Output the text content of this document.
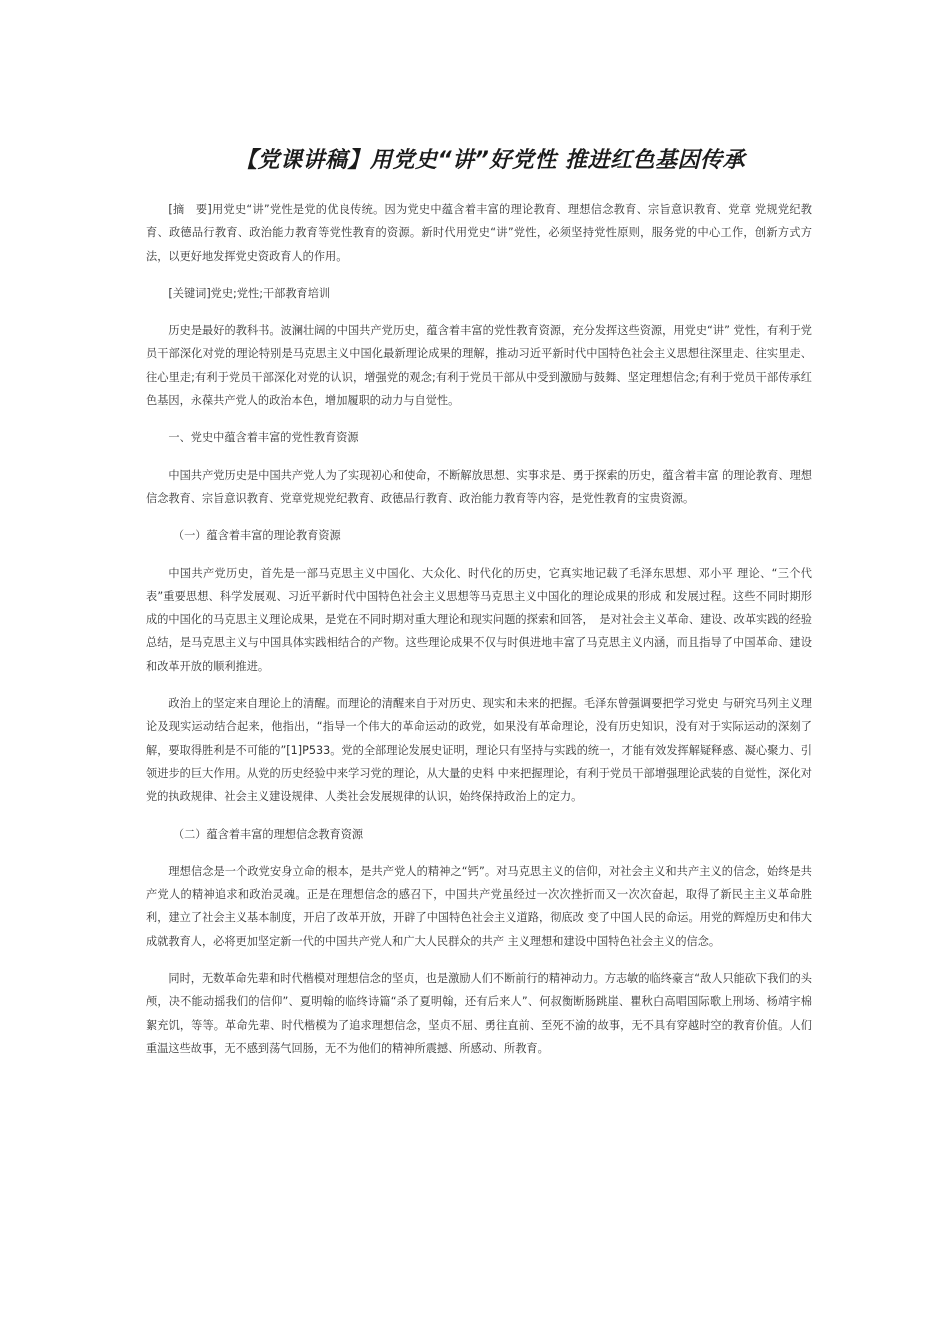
【党课讲稿】用党史“讲”好党性 推进红色基因传承

[摘　要]用党史“讲”党性是党的优良传统。因为党史中蕴含着丰富的理论教育、理想信念教育、宗旨意识教育、党章 党规党纪教育、政德品行教育、政治能力教育等党性教育的资源。新时代用党史“讲”党性，必须坚持党性原则，服务党的中心工作，创新方式方法，以更好地发挥党史资政育人的作用。

[关键词]党史;党性;干部教育培训

历史是最好的教科书。波澜壮阔的中国共产党历史，蕴含着丰富的党性教育资源，充分发挥这些资源，用党史“讲” 党性，有利于党员干部深化对党的理论特别是马克思主义中国化最新理论成果的理解，推动习近平新时代中国特色社会主义思想往深里走、往实里走、往心里走;有利于党员干部深化对党的认识，增强党的观念;有利于党员干部从中受到激励与鼓舞、坚定理想信念;有利于党员干部传承红色基因，永葆共产党人的政治本色，增加履职的动力与自觉性。

一、党史中蕴含着丰富的党性教育资源

中国共产党历史是中国共产党人为了实现初心和使命，不断解放思想、实事求是、勇于探索的历史，蕴含着丰富 的理论教育、理想信念教育、宗旨意识教育、党章党规党纪教育、政德品行教育、政治能力教育等内容，是党性教育的宝贵资源。

（一）蕴含着丰富的理论教育资源

中国共产党历史，首先是一部马克思主义中国化、大众化、时代化的历史，它真实地记载了毛泽东思想、邓小平 理论、“三个代表”重要思想、科学发展观、习近平新时代中国特色社会主义思想等马克思主义中国化的理论成果的形成 和发展过程。这些不同时期形成的中国化的马克思主义理论成果，是党在不同时期对重大理论和现实问题的探索和回答，　是对社会主义革命、建设、改革实践的经验总结，是马克思主义与中国具体实践相结合的产物。这些理论成果不仅与时俱进地丰富了马克思主义内涵，而且指导了中国革命、建设和改革开放的顺利推进。

政治上的坚定来自理论上的清醒。而理论的清醒来自于对历史、现实和未来的把握。毛泽东曾强调要把学习党史 与研究马列主义理论及现实运动结合起来，他指出，“指导一个伟大的革命运动的政党，如果没有革命理论，没有历史知识，没有对于实际运动的深刻了解，要取得胜利是不可能的”[1]P533。党的全部理论发展史证明，理论只有坚持与实践的统一，才能有效发挥解疑释惑、凝心聚力、引领进步的巨大作用。从党的历史经验中来学习党的理论，从大量的史料 中来把握理论，有利于党员干部增强理论武装的自觉性，深化对党的执政规律、社会主义建设规律、人类社会发展规律的认识，始终保持政治上的定力。

（二）蕴含着丰富的理想信念教育资源

理想信念是一个政党安身立命的根本，是共产党人的精神之“钙”。对马克思主义的信仰，对社会主义和共产主义的信念，始终是共产党人的精神追求和政治灵魂。正是在理想信念的感召下，中国共产党虽经过一次次挫折而又一次次奋起，取得了新民主主义革命胜利，建立了社会主义基本制度，开启了改革开放，开辟了中国特色社会主义道路，彻底改 变了中国人民的命运。用党的辉煌历史和伟大成就教育人，必将更加坚定新一代的中国共产党人和广大人民群众的共产 主义理想和建设中国特色社会主义的信念。

同时，无数革命先辈和时代楷模对理想信念的坚贞，也是激励人们不断前行的精神动力。方志敏的临终豪言“敌人只能砍下我们的头颅，决不能动摇我们的信仰”、夏明翰的临终诗篇“杀了夏明翰，还有后来人”、何叔衡断肠跳崖、瞿秋白高唱国际歌上刑场、杨靖宇棉絮充饥，等等。革命先辈、时代楷模为了追求理想信念，坚贞不屈、勇往直前、至死不渝的故事，无不具有穿越时空的教育价值。人们重温这些故事，无不感到荡气回肠，无不为他们的精神所震撼、所感动、所教育。
